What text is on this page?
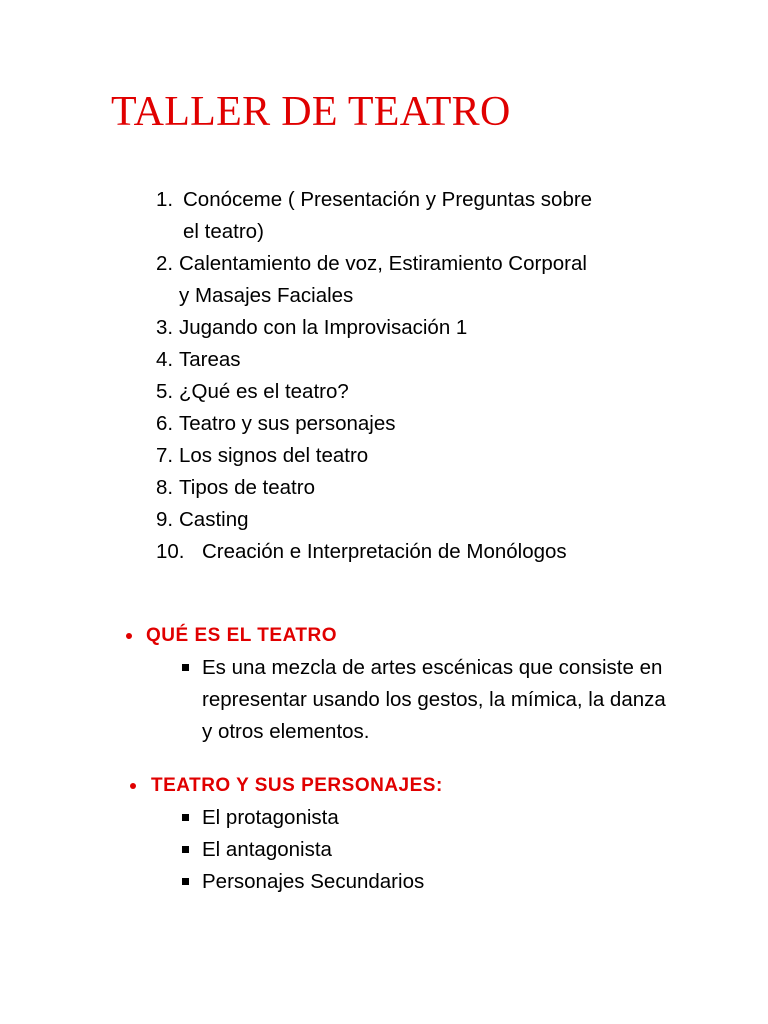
TALLER DE TEATRO
1. Conóceme ( Presentación y Preguntas sobre
el teatro)
2. Calentamiento de voz, Estiramiento Corporal
y Masajes Faciales
3. Jugando con la Improvisación 1
4. Tareas
5. ¿Qué es el teatro?
6. Teatro y sus personajes
7. Los signos del teatro
8. Tipos de teatro
9. Casting
10. Creación e Interpretación de Monólogos
QUÉ ES EL TEATRO
Es una mezcla de artes escénicas que consiste en representar usando los gestos, la mímica, la danza y otros elementos.
TEATRO Y SUS PERSONAJES:
El protagonista
El antagonista
Personajes Secundarios
